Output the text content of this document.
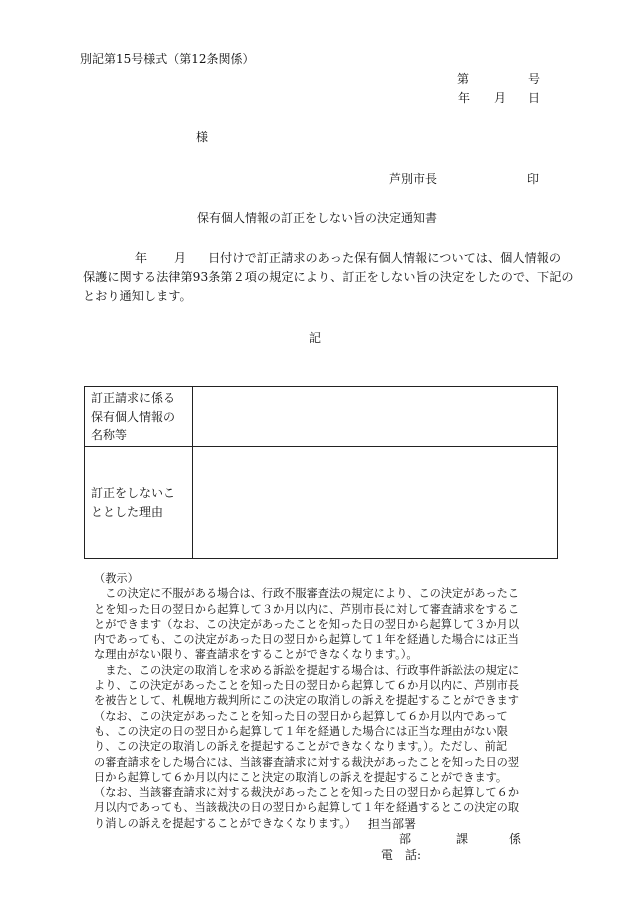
別記第15号様式（第12条関係）
第	号
年 月 日
様
芦別市長	印
保有個人情報の訂正をしない旨の決定通知書
年 月 日付けで訂正請求のあった保有個人情報については、個人情報の
保護に関する法律第93条第２項の規定により、訂正をしない旨の決定をしたので、下記の
とおり通知します。
記
訂正請求に係る
保有個人情報の
名称等	

訂正をしないこ
ととした理由	

（教示）
　この決定に不服がある場合は、行政不服審査法の規定により、この決定があったこ
とを知った日の翌日から起算して３か月以内に、芦別市長に対して審査請求をするこ
とができます（なお、この決定があったことを知った日の翌日から起算して３か月以
内であっても、この決定があった日の翌日から起算して１年を経過した場合には正当
な理由がない限り、審査請求をすることができなくなります。）。
　また、この決定の取消しを求める訴訟を提起する場合は、行政事件訴訟法の規定に
より、この決定があったことを知った日の翌日から起算して６か月以内に、芦別市長
を被告として、札幌地方裁判所にこの決定の取消しの訴えを提起することができます
（なお、この決定があったことを知った日の翌日から起算して６か月以内であって
も、この決定の日の翌日から起算して１年を経過した場合には正当な理由がない限
り、この決定の取消しの訴えを提起することができなくなります。）。ただし、前記
の審査請求をした場合には、当該審査請求に対する裁決があったことを知った日の翌
日から起算して６か月以内にこと決定の取消しの訴えを提起することができます。
（なお、当該審査請求に対する裁決があったことを知った日の翌日から起算して６か
月以内であっても、当該裁決の日の翌日から起算して１年を経過するとこの決定の取
り消しの訴えを提起することができなくなります。） 担当部署
部	課	係
電　話:
